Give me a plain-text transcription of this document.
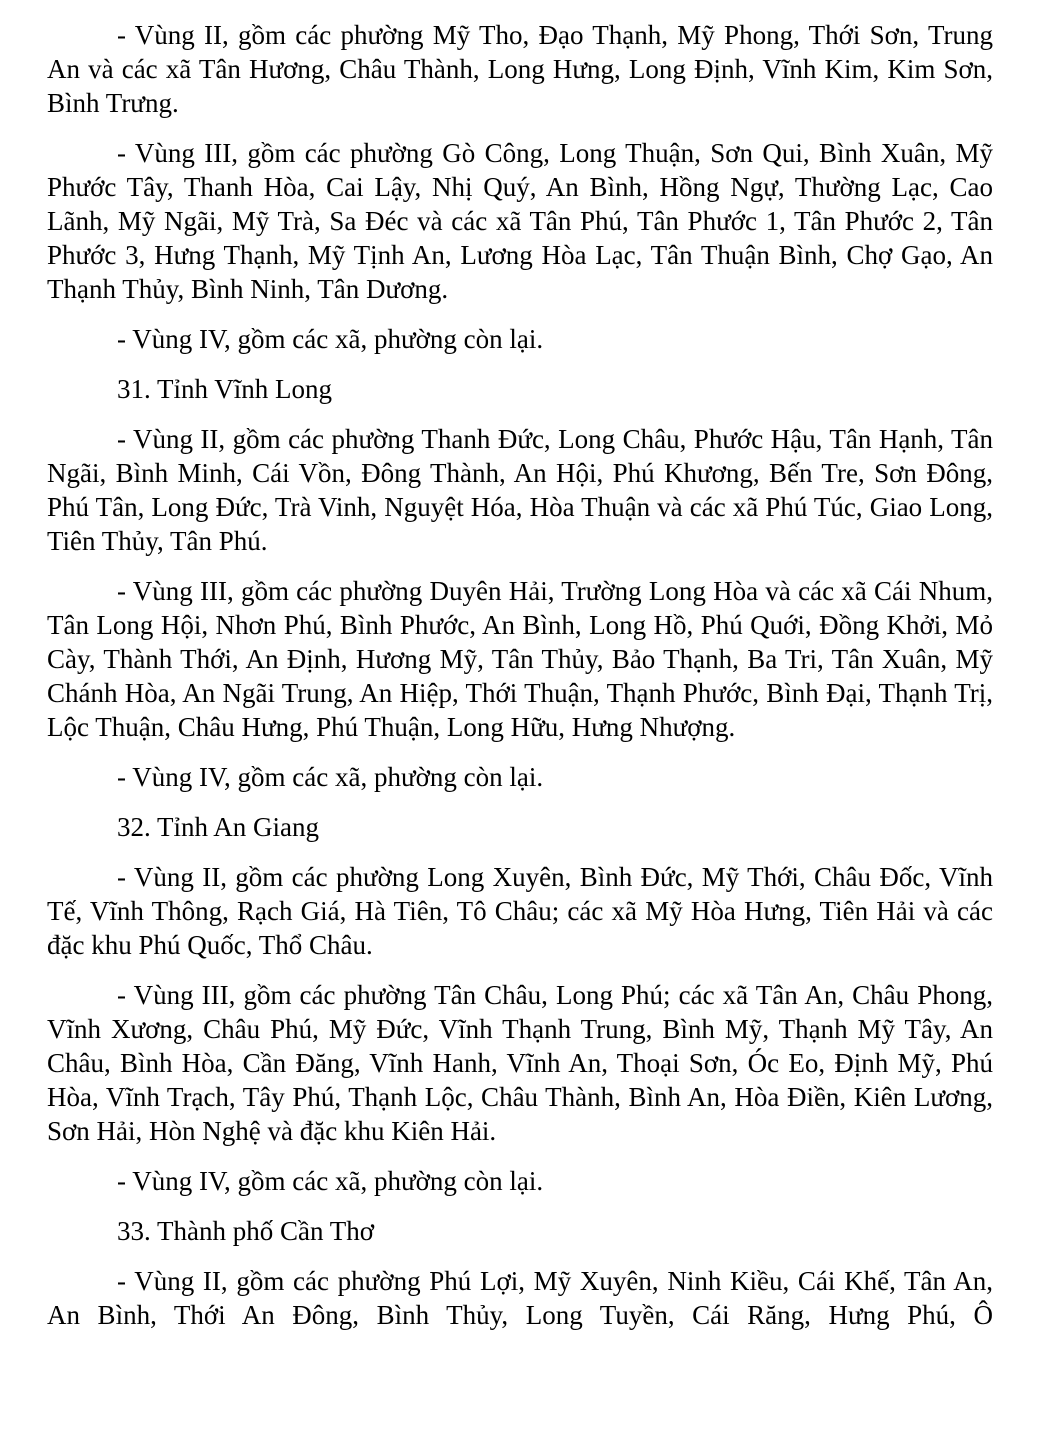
- Vùng II, gồm các phường Mỹ Tho, Đạo Thạnh, Mỹ Phong, Thới Sơn, Trung An và các xã Tân Hương, Châu Thành, Long Hưng, Long Định, Vĩnh Kim, Kim Sơn, Bình Trưng.

- Vùng III, gồm các phường Gò Công, Long Thuận, Sơn Qui, Bình Xuân, Mỹ Phước Tây, Thanh Hòa, Cai Lậy, Nhị Quý, An Bình, Hồng Ngự, Thường Lạc, Cao Lãnh, Mỹ Ngãi, Mỹ Trà, Sa Đéc và các xã Tân Phú, Tân Phước 1, Tân Phước 2, Tân Phước 3, Hưng Thạnh, Mỹ Tịnh An, Lương Hòa Lạc, Tân Thuận Bình, Chợ Gạo, An Thạnh Thủy, Bình Ninh, Tân Dương.

- Vùng IV, gồm các xã, phường còn lại.

31. Tỉnh Vĩnh Long

- Vùng II, gồm các phường Thanh Đức, Long Châu, Phước Hậu, Tân Hạnh, Tân Ngãi, Bình Minh, Cái Vồn, Đông Thành, An Hội, Phú Khương, Bến Tre, Sơn Đông, Phú Tân, Long Đức, Trà Vinh, Nguyệt Hóa, Hòa Thuận và các xã Phú Túc, Giao Long, Tiên Thủy, Tân Phú.

- Vùng III, gồm các phường Duyên Hải, Trường Long Hòa và các xã Cái Nhum, Tân Long Hội, Nhơn Phú, Bình Phước, An Bình, Long Hồ, Phú Quới, Đồng Khởi, Mỏ Cày, Thành Thới, An Định, Hương Mỹ, Tân Thủy, Bảo Thạnh, Ba Tri, Tân Xuân, Mỹ Chánh Hòa, An Ngãi Trung, An Hiệp, Thới Thuận, Thạnh Phước, Bình Đại, Thạnh Trị, Lộc Thuận, Châu Hưng, Phú Thuận, Long Hữu, Hưng Nhượng.

- Vùng IV, gồm các xã, phường còn lại.

32. Tỉnh An Giang

- Vùng II, gồm các phường Long Xuyên, Bình Đức, Mỹ Thới, Châu Đốc, Vĩnh Tế, Vĩnh Thông, Rạch Giá, Hà Tiên, Tô Châu; các xã Mỹ Hòa Hưng, Tiên Hải và các đặc khu Phú Quốc, Thổ Châu.

- Vùng III, gồm các phường Tân Châu, Long Phú; các xã Tân An, Châu Phong, Vĩnh Xương, Châu Phú, Mỹ Đức, Vĩnh Thạnh Trung, Bình Mỹ, Thạnh Mỹ Tây, An Châu, Bình Hòa, Cần Đăng, Vĩnh Hanh, Vĩnh An, Thoại Sơn, Óc Eo, Định Mỹ, Phú Hòa, Vĩnh Trạch, Tây Phú, Thạnh Lộc, Châu Thành, Bình An, Hòa Điền, Kiên Lương, Sơn Hải, Hòn Nghệ và đặc khu Kiên Hải.

- Vùng IV, gồm các xã, phường còn lại.

33. Thành phố Cần Thơ

- Vùng II, gồm các phường Phú Lợi, Mỹ Xuyên, Ninh Kiều, Cái Khế, Tân An, An Bình, Thới An Đông, Bình Thủy, Long Tuyền, Cái Răng, Hưng Phú, Ô
